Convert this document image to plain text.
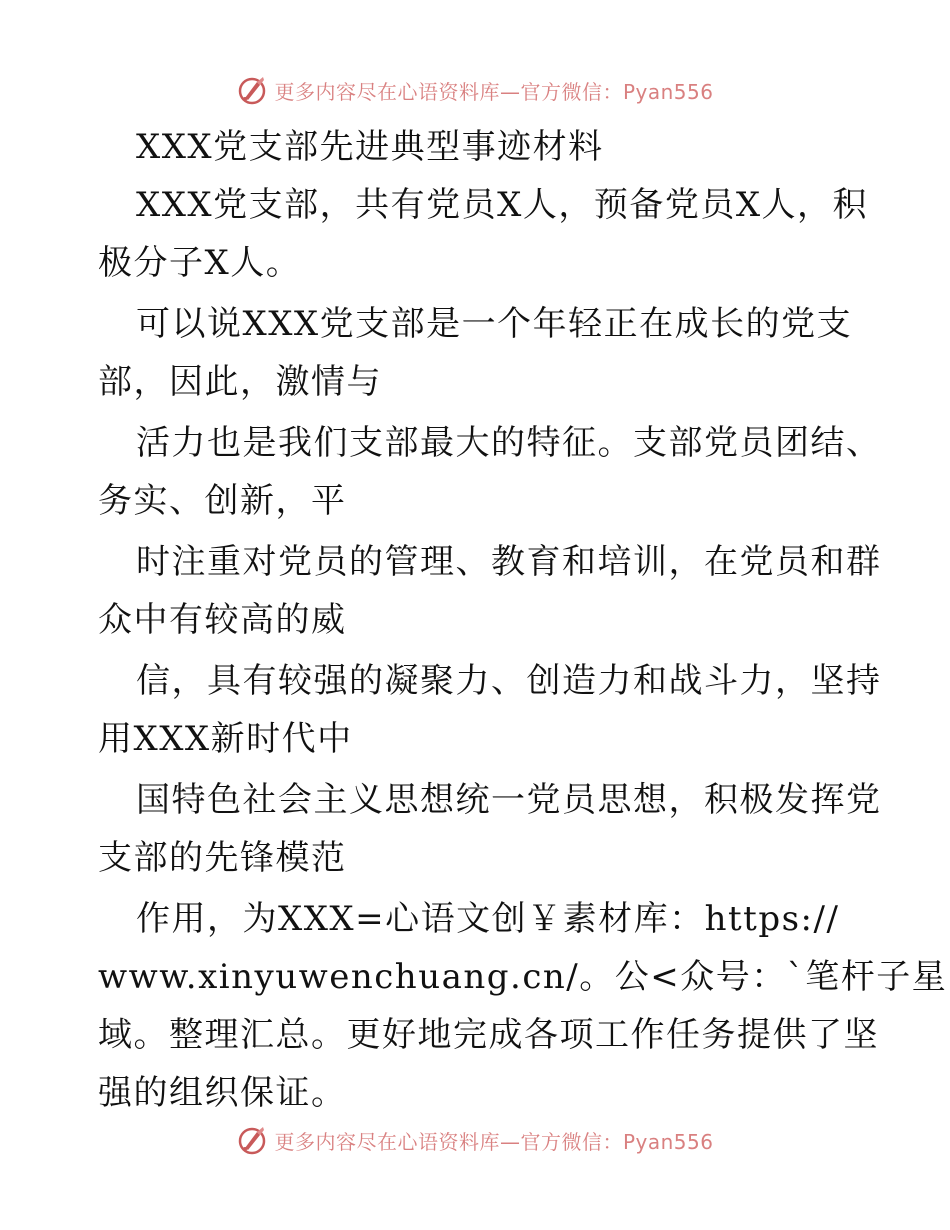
更多内容尽在心语资料库—官方微信：Pyan556
XXX党支部先进典型事迹材料
XXX党支部，共有党员X人，预备党员X人，积
极分子X人。
可以说XXX党支部是一个年轻正在成长的党支
部，因此，激情与
活力也是我们支部最大的特征。支部党员团结、
务实、创新，平
时注重对党员的管理、教育和培训，在党员和群
众中有较高的威
信，具有较强的凝聚力、创造力和战斗力，坚持
用XXX新时代中
国特色社会主义思想统一党员思想，积极发挥党
支部的先锋模范
作用，为XXX=心语文创￥素材库：https://
www.xinyuwenchuang.cn/。公<众号：`笔杆子星
域。整理汇总。更好地完成各项工作任务提供了坚
强的组织保证。
更多内容尽在心语资料库—官方微信：Pyan556
